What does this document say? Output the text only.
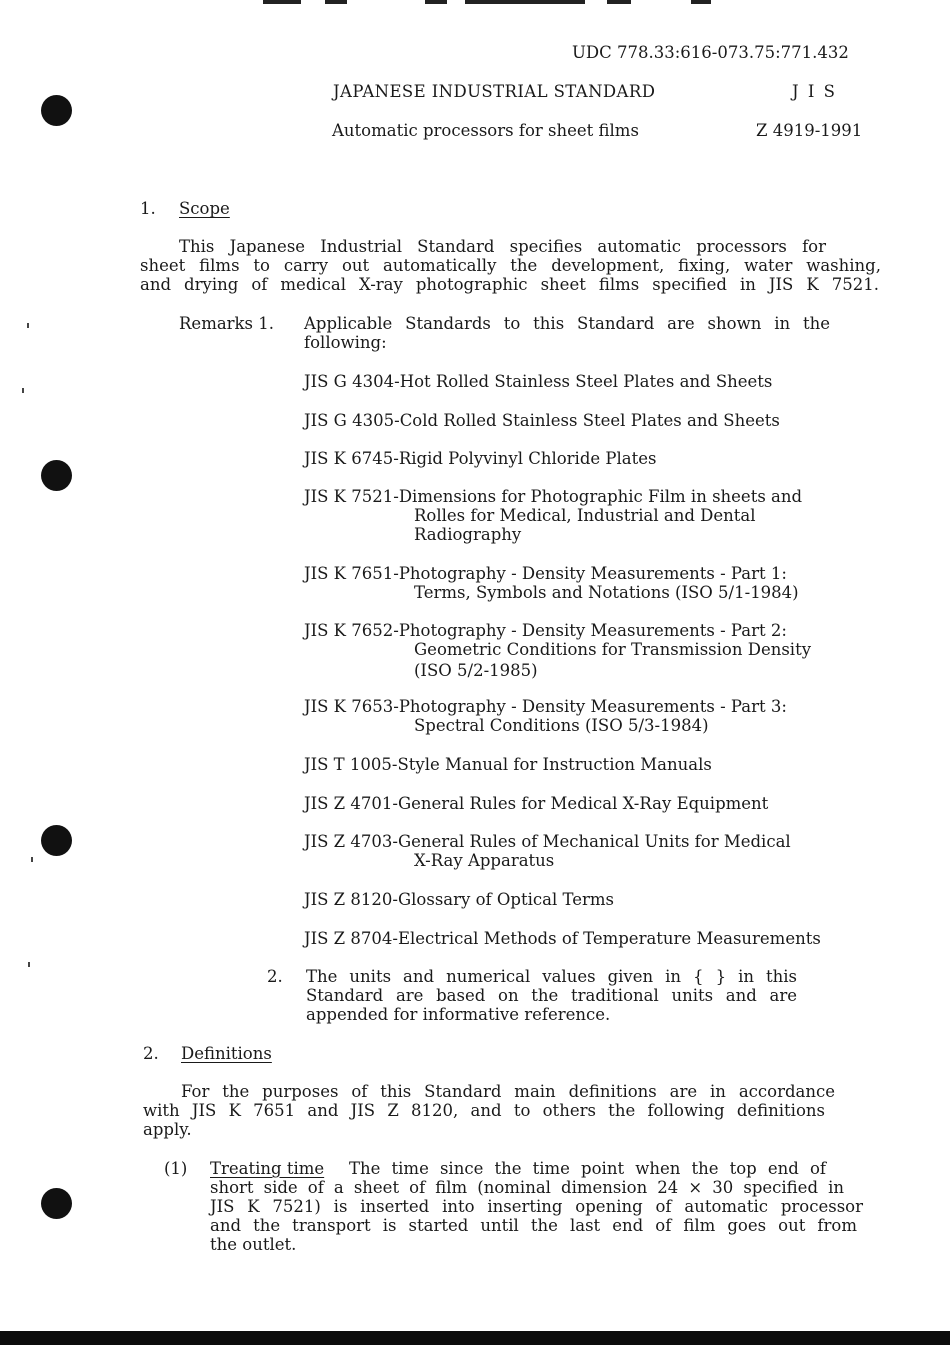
UDC 778.33:616-073.75:771.432
JAPANESE INDUSTRIAL STANDARD	J I S
Automatic processors for sheet films	Z 4919-1991
1. Scope
This Japanese Industrial Standard specifies automatic processors for
sheet films to carry out automatically the development, fixing, water washing,
and drying of medical X-ray photographic sheet films specified in JIS K 7521.
Remarks 1. Applicable Standards to this Standard are shown in the
following:
JIS G 4304-Hot Rolled Stainless Steel Plates and Sheets
JIS G 4305-Cold Rolled Stainless Steel Plates and Sheets
JIS K 6745-Rigid Polyvinyl Chloride Plates
JIS K 7521-Dimensions for Photographic Film in sheets and
Rolles for Medical, Industrial and Dental
Radiography
JIS K 7651-Photography - Density Measurements - Part 1:
Terms, Symbols and Notations (ISO 5/1-1984)
JIS K 7652-Photography - Density Measurements - Part 2:
Geometric Conditions for Transmission Density
(ISO 5/2-1985)
JIS K 7653-Photography - Density Measurements - Part 3:
Spectral Conditions (ISO 5/3-1984)
JIS T 1005-Style Manual for Instruction Manuals
JIS Z 4701-General Rules for Medical X-Ray Equipment
JIS Z 4703-General Rules of Mechanical Units for Medical
X-Ray Apparatus
JIS Z 8120-Glossary of Optical Terms
JIS Z 8704-Electrical Methods of Temperature Measurements
2. The units and numerical values given in { } in this
Standard are based on the traditional units and are
appended for informative reference.
2. Definitions
For the purposes of this Standard main definitions are in accordance
with JIS K 7651 and JIS Z 8120, and to others the following definitions
apply.
(1) Treating time The time since the time point when the top end of
short side of a sheet of film (nominal dimension 24 × 30 specified in
JIS K 7521) is inserted into inserting opening of automatic processor
and the transport is started until the last end of film goes out from
the outlet.
